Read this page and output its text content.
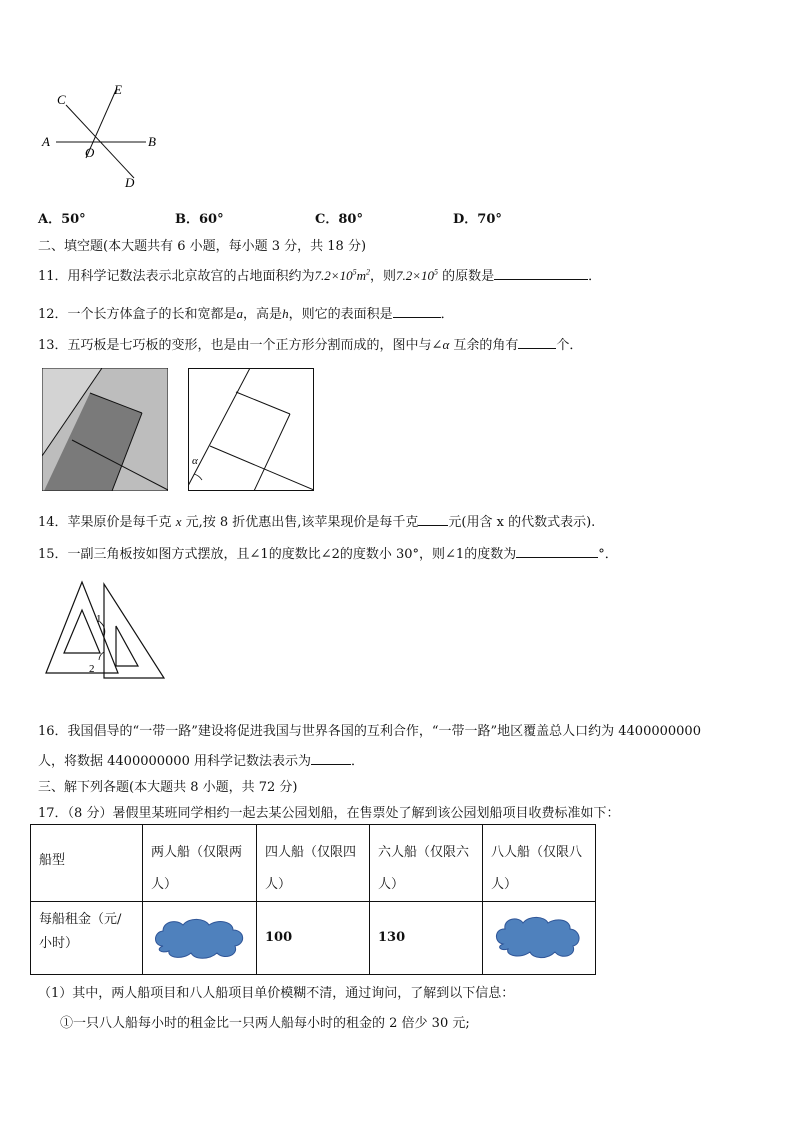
A	B
C
D
E
O
A．50°	B．60°	C．80°	D．70°
二、填空题(本大题共有 6 小题，每小题 3 分，共 18 分)
11．用科学记数法表示北京故宫的占地面积约为$7.2\times 10^5m^2$，则$7.2\times 10^5$ 的原数是	．
12．一个长方体盒子的长和宽都是a，高是h，则它的表面积是	．
13．五巧板是七巧板的变形，也是由一个正方形分割而成的，图中与∠α 互余的角有	个．
α
14．苹果原价是每千克 x 元,按 8 折优惠出售,该苹果现价是每千克 元(用含 x 的代数式表示).
15．一副三角板按如图方式摆放，且∠1的度数比∠2的度数小 30°，则∠1的度数为	°．
1
2
16．我国倡导的“一带一路”建设将促进我国与世界各国的互利合作，“一带一路”地区覆盖总人口约为 4400000000
人，将数据 4400000000 用科学记数法表示为	．
三、解下列各题(本大题共 8 小题，共 72 分)
17．（8 分）暑假里某班同学相约一起去某公园划船，在售票处了解到该公园划船项目收费标准如下：
船型	两人船（仅限两人）	四人船（仅限四人）	六人船（仅限六人）	八人船（仅限八人）

每船租金（元/小时）		100	130

（1）其中，两人船项目和八人船项目单价模糊不清，通过询问，了解到以下信息：
①一只八人船每小时的租金比一只两人船每小时的租金的 2 倍少 30 元;
